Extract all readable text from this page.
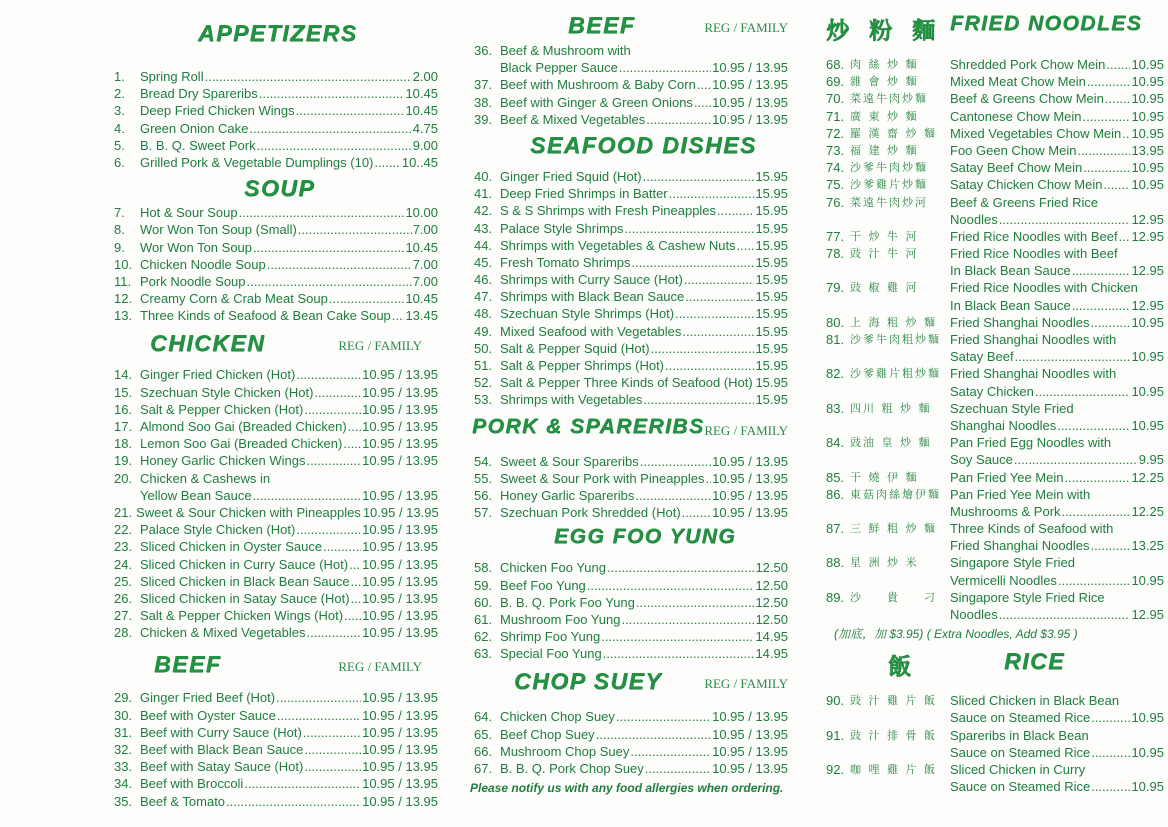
APPETIZERS
1.	Spring Roll .....	2.00
2.	Bread Dry Spareribs .....	10.45
3.	Deep Fried Chicken Wings .....	10.45
4.	Green Onion Cake .....	4.75
5.	B. B. Q. Sweet Pork .....	9.00
6.	Grilled Pork & Vegetable Dumplings (10) ..... 10..45
SOUP
7.	Hot & Sour Soup .....	10.00
8.	Wor Won Ton Soup (Small) .....	7.00
9.	Wor Won Ton Soup .....	10.45
10. Chicken Noodle Soup .....	7.00
11. Pork Noodle Soup .....	7.00
12. Creamy Corn & Crab Meat Soup .....	10.45
13. Three Kinds of Seafood & Bean Cake Soup ..... 13.45
CHICKEN	REG / FAMILY
14. Ginger Fried Chicken (Hot) .....	10.95 / 13.95
15. Szechuan Style Chicken (Hot) .....	10.95 / 13.95
16. Salt & Pepper Chicken (Hot) .....	10.95 / 13.95
17. Almond Soo Gai (Breaded Chicken) ..... 10.95 / 13.95
18. Lemon Soo Gai (Breaded Chicken) ..... 10.95 / 13.95
19. Honey Garlic Chicken Wings .....	10.95 / 13.95
20. Chicken & Cashews in
Yellow Bean Sauce .....	10.95 / 13.95
21. Sweet & Sour Chicken with Pineapples 10.95 / 13.95
22. Palace Style Chicken (Hot) .....	10.95 / 13.95
23. Sliced Chicken in Oyster Sauce .....	10.95 / 13.95
24. Sliced Chicken in Curry Sauce (Hot) ..... 10.95 / 13.95
25. Sliced Chicken in Black Bean Sauce ..... 10.95 / 13.95
26. Sliced Chicken in Satay Sauce (Hot) ..... 10.95 / 13.95
27. Salt & Pepper Chicken Wings (Hot) ..... 10.95 / 13.95
28. Chicken & Mixed Vegetables .....	10.95 / 13.95
BEEF	REG / FAMILY
29. Ginger Fried Beef (Hot) .....	10.95 / 13.95
30. Beef with Oyster Sauce .....	10.95 / 13.95
31. Beef with Curry Sauce (Hot) .....	10.95 / 13.95
32. Beef with Black Bean Sauce .....	10.95 / 13.95
33. Beef with Satay Sauce (Hot) .....	10.95 / 13.95
34. Beef with Broccoli .....	10.95 / 13.95
35. Beef & Tomato .....	10.95 / 13.95
BEEF	REG / FAMILY
36. Beef & Mushroom with
Black Pepper Sauce .....	10.95 / 13.95
37. Beef with Mushroom & Baby Corn ..... 10.95 / 13.95
38. Beef with Ginger & Green Onions ..... 10.95 / 13.95
39. Beef & Mixed Vegetables .....	10.95 / 13.95
SEAFOOD DISHES
40. Ginger Fried Squid (Hot) .....	15.95
41. Deep Fried Shrimps in Batter .....	15.95
42. S & S Shrimps with Fresh Pineapples .....	15.95
43. Palace Style Shrimps .....	15.95
44. Shrimps with Vegetables & Cashew Nuts ..... 15.95
45. Fresh Tomato Shrimps .....	15.95
46. Shrimps with Curry Sauce (Hot) .....	15.95
47. Shrimps with Black Bean Sauce .....	15.95
48. Szechuan Style Shrimps (Hot) .....	15.95
49. Mixed Seafood with Vegetables .....	15.95
50. Salt & Pepper Squid (Hot) .....	15.95
51. Salt & Pepper Shrimps (Hot) .....	15.95
52. Salt & Pepper Three Kinds of Seafood (Hot) ..... 15.95
53. Shrimps with Vegetables .....	15.95
PORK & SPARERIBS REG / FAMILY
54. Sweet & Sour Spareribs .....	10.95 / 13.95
55. Sweet & Sour Pork with Pineapples ..... 10.95 / 13.95
56. Honey Garlic Spareribs .....	10.95 / 13.95
57. Szechuan Pork Shredded (Hot) ..... 10.95 / 13.95
EGG FOO YUNG
58. Chicken Foo Yung .....	12.50
59. Beef Foo Yung .....	12.50
60. B. B. Q. Pork Foo Yung .....	12.50
61. Mushroom Foo Yung .....	12.50
62. Shrimp Foo Yung .....	14.95
63. Special Foo Yung .....	14.95
CHOP SUEY	REG / FAMILY
64. Chicken Chop Suey .....	10.95 / 13.95
65. Beef Chop Suey .....	10.95 / 13.95
66. Mushroom Chop Suey .....	10.95 / 13.95
67. B. B. Q. Pork Chop Suey .....	10.95 / 13.95
Please notify us with any food allergies when ordering.
炒 粉 麵 FRIED NOODLES
68. 肉 絲 炒 麵	Shredded Pork Chow Mein ..... 10.95
69. 雜 會 炒 麵	Mixed Meat Chow Mein .....	10.95
70. 菜遠牛肉炒麵	Beef & Greens Chow Mein ..... 10.95
71. 廣 東 炒 麵	Cantonese Chow Mein .....	10.95
72. 羅 漢 齋 炒 麵	Mixed Vegetables Chow Mein ..... 10.95
73. 福 建 炒 麵	Foo Geen Chow Mein .....	13.95
74. 沙爹牛肉炒麵	Satay Beef Chow Mein .....	10.95
75. 沙爹雞片炒麵	Satay Chicken Chow Mein ..... 10.95
76. 菜遠牛肉炒河	Beef & Greens Fried Rice
Noodles .....	12.95
77. 干 炒 牛 河	Fried Rice Noodles with Beef ..... 12.95
78. 豉 汁 牛 河	Fried Rice Noodles with Beef
In Black Bean Sauce .....	12.95
79. 豉 椒 雞 河	Fried Rice Noodles with Chicken
In Black Bean Sauce .....	12.95
80. 上 海 粗 炒 麵	Fried Shanghai Noodles .....	10.95
81. 沙爹牛肉粗炒麵 Fried Shanghai Noodles with
Satay Beef .....	10.95
82. 沙爹雞片粗炒麵 Fried Shanghai Noodles with
Satay Chicken .....	10.95
83. 四川 粗 炒 麵	Szechuan Style Fried
Shanghai Noodles .....	10.95
84. 豉油 皇 炒 麵	Pan Fried Egg Noodles with
Soy Sauce .....	9.95
85. 干 燒 伊 麵	Pan Fried Yee Mein .....	12.25
86. 東菇肉絲燴伊麵 Pan Fried Yee Mein with
Mushrooms & Pork .....	12.25
87. 三 鮮 粗 炒 麵	Three Kinds of Seafood with
Fried Shanghai Noodles .....	13.25
88. 星 洲 炒 米	Singapore Style Fried
Vermicelli Noodles .....	10.95
89. 沙 　 貴 　 刁	Singapore Style Fried Rice
Noodles .....	12.95
(加底，加 $3.95) ( Extra Noodles, Add $3.95 )
飯	RICE
90. 豉 汁 雞 片 飯	Sliced Chicken in Black Bean
Sauce on Steamed Rice .....	10.95
91. 豉 汁 排 骨 飯	Spareribs in Black Bean
Sauce on Steamed Rice .....	10.95
92. 咖 哩 雞 片 飯	Sliced Chicken in Curry
Sauce on Steamed Rice .....	10.95
